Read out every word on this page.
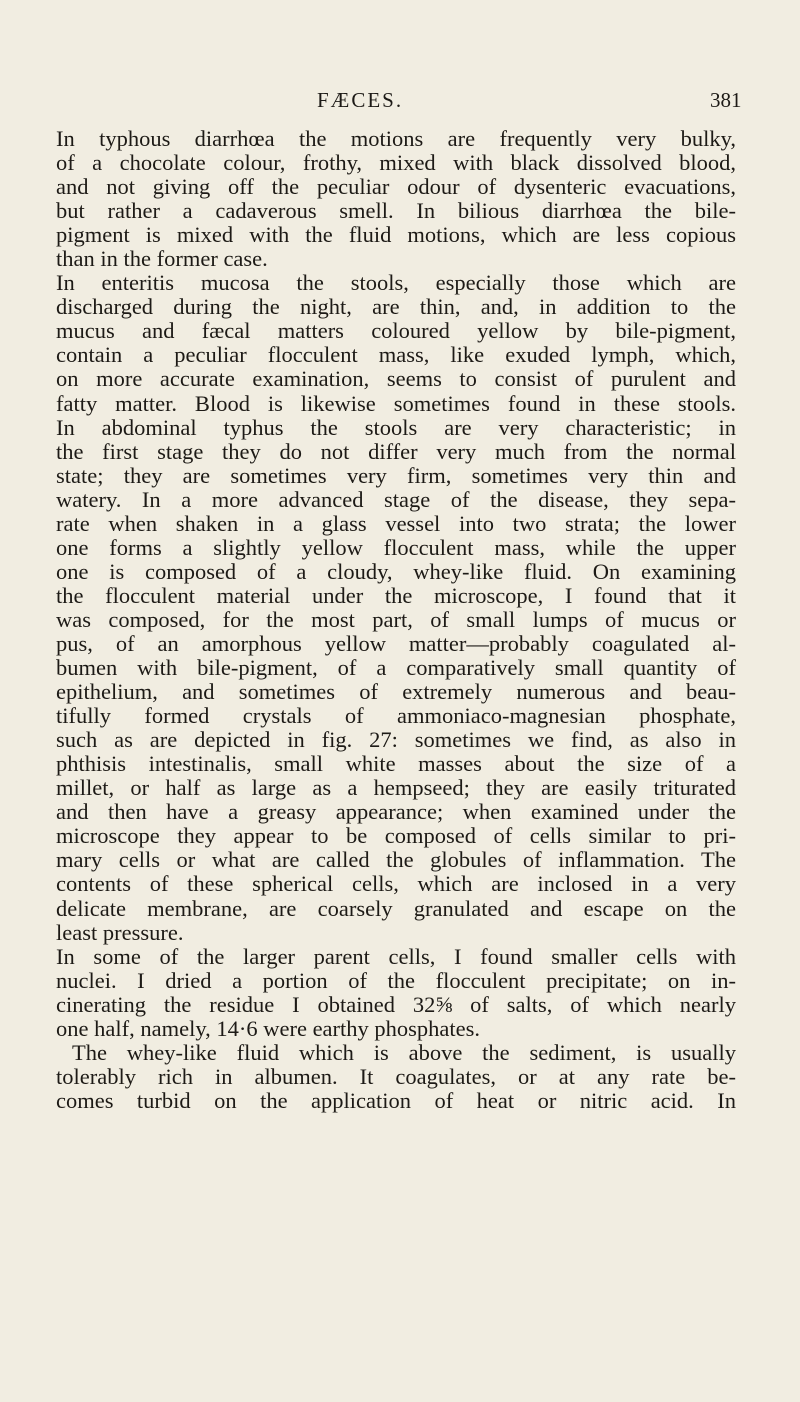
FÆCES.	381
In typhous diarrhœa the motions are frequently very bulky,
of a chocolate colour, frothy, mixed with black dissolved blood,
and not giving off the peculiar odour of dysenteric evacuations,
but rather a cadaverous smell. In bilious diarrhœa the bile-
pigment is mixed with the fluid motions, which are less copious
than in the former case.
In enteritis mucosa the stools, especially those which are
discharged during the night, are thin, and, in addition to the
mucus and fæcal matters coloured yellow by bile-pigment,
contain a peculiar flocculent mass, like exuded lymph, which,
on more accurate examination, seems to consist of purulent and
fatty matter. Blood is likewise sometimes found in these stools.
In abdominal typhus the stools are very characteristic; in
the first stage they do not differ very much from the normal
state; they are sometimes very firm, sometimes very thin and
watery. In a more advanced stage of the disease, they sepa-
rate when shaken in a glass vessel into two strata; the lower
one forms a slightly yellow flocculent mass, while the upper
one is composed of a cloudy, whey-like fluid. On examining
the flocculent material under the microscope, I found that it
was composed, for the most part, of small lumps of mucus or
pus, of an amorphous yellow matter—probably coagulated al-
bumen with bile-pigment, of a comparatively small quantity of
epithelium, and sometimes of extremely numerous and beau-
tifully formed crystals of ammoniaco-magnesian phosphate,
such as are depicted in fig. 27: sometimes we find, as also in
phthisis intestinalis, small white masses about the size of a
millet, or half as large as a hempseed; they are easily triturated
and then have a greasy appearance; when examined under the
microscope they appear to be composed of cells similar to pri-
mary cells or what are called the globules of inflammation. The
contents of these spherical cells, which are inclosed in a very
delicate membrane, are coarsely granulated and escape on the
least pressure.
In some of the larger parent cells, I found smaller cells with
nuclei. I dried a portion of the flocculent precipitate; on in-
cinerating the residue I obtained 32⅝ of salts, of which nearly
one half, namely, 14·6 were earthy phosphates.
The whey-like fluid which is above the sediment, is usually
tolerably rich in albumen. It coagulates, or at any rate be-
comes turbid on the application of heat or nitric acid. In
